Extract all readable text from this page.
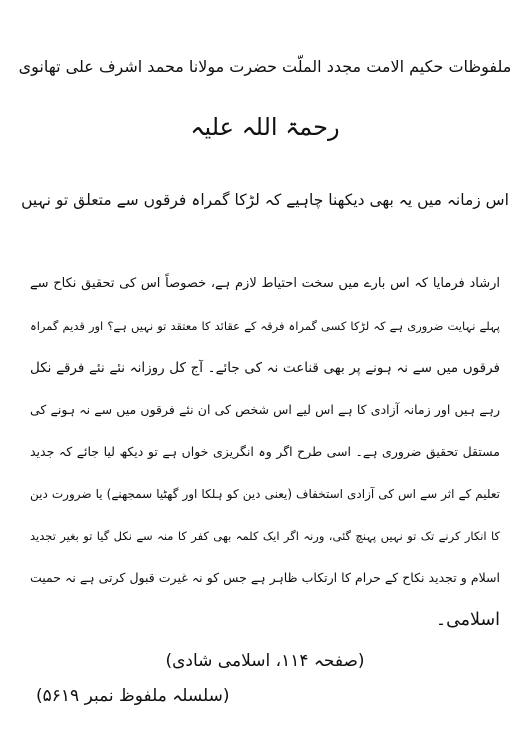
ملفوظات حکیم الامت مجدد الملّت حضرت مولانا محمد اشرف علی تھانوی
رحمۃ اللہ علیہ
اس زمانہ میں یہ بھی دیکھنا چاہیے کہ لڑکا گمراہ فرقوں سے متعلق تو نہیں
ارشاد فرمایا کہ اس بارے میں سخت احتیاط لازم ہے، خصوصاً اس کی تحقیق نکاح سے
پہلے نہایت ضروری ہے کہ لڑکا کسی گمراہ فرقہ کے عقائد کا معتقد تو نہیں ہے؟ اور قدیم گمراہ
فرقوں میں سے نہ ہونے پر بھی قناعت نہ کی جائے۔ آج کل روزانہ نئے نئے فرقے نکل
رہے ہیں اور زمانہ آزادی کا ہے اس لیے اس شخص کی ان نئے فرقوں میں سے نہ ہونے کی
مستقل تحقیق ضروری ہے۔ اسی طرح اگر وہ انگریزی خواں ہے تو دیکھ لیا جائے کہ جدید
تعلیم کے اثر سے اس کی آزادی استخفاف (یعنی دین کو ہلکا اور گھٹیا سمجھنے) یا ضرورت دین
کا انکار کرنے تک تو نہیں پہنچ گئی، ورنہ اگر ایک کلمہ بھی کفر کا منہ سے نکل گیا تو بغیر تجدید
اسلام و تجدید نکاح کے حرام کا ارتکاب ظاہر ہے جس کو نہ غیرت قبول کرتی ہے نہ حمیت
اسلامی۔
(صفحہ ۱۱۴، اسلامی شادی)
(سلسلہ ملفوظ نمبر ۵۶۱۹)
